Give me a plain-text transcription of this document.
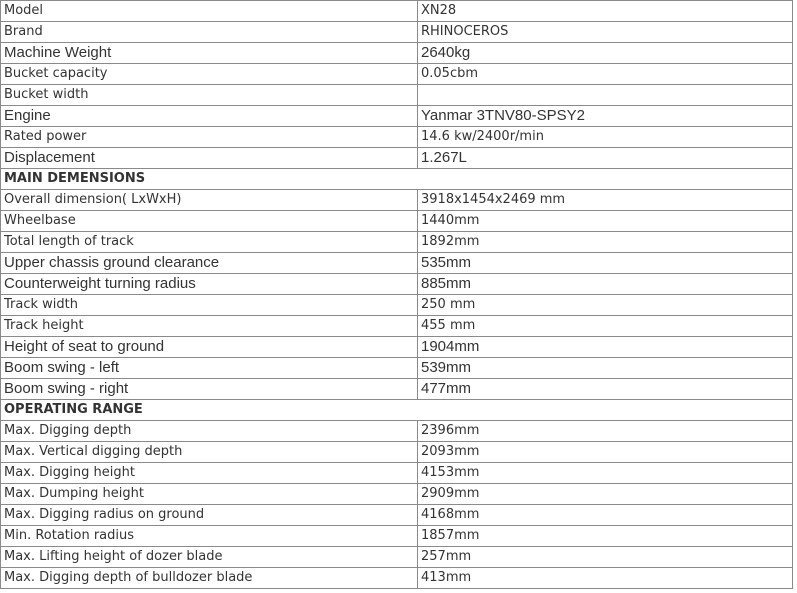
Model	XN28
Brand	RHINOCEROS
Machine Weight	2640kg
Bucket capacity	0.05cbm
Bucket width	
Engine	Yanmar 3TNV80-SPSY2
Rated power	14.6 kw/2400r/min
Displacement	1.267L
MAIN DEMENSIONS	
Overall dimension( LxWxH)	3918x1454x2469 mm
Wheelbase	1440mm
Total length of track	1892mm
Upper chassis ground clearance	535mm
Counterweight turning radius	885mm
Track width	250 mm
Track height	455 mm
Height of seat to ground	1904mm
Boom swing - left	539mm
Boom swing - right	477mm
OPERATING RANGE	
Max. Digging depth	2396mm
Max. Vertical digging depth	2093mm
Max. Digging height	4153mm
Max. Dumping height	2909mm
Max. Digging radius on ground	4168mm
Min. Rotation radius	1857mm
Max. Lifting height of dozer blade	257mm
Max. Digging depth of bulldozer blade	413mm
